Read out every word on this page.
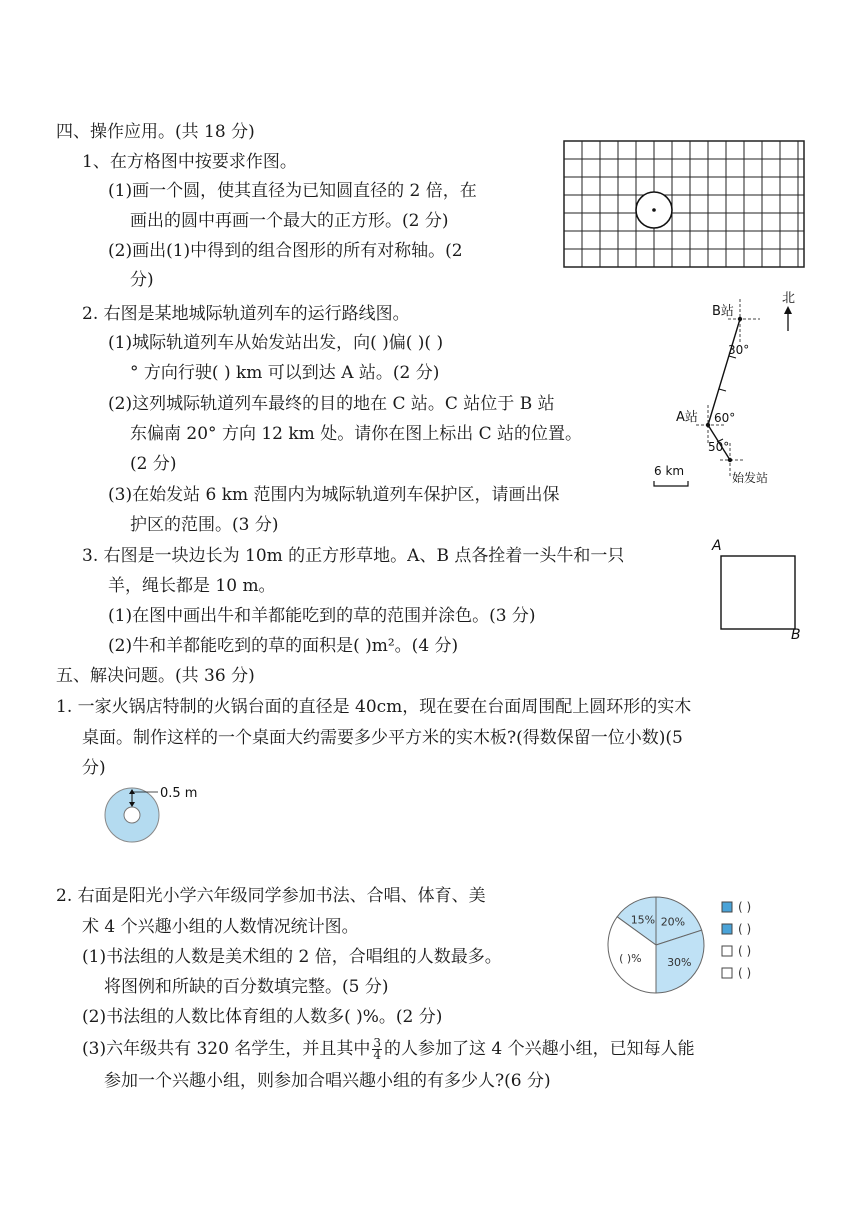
四、操作应用。(共 18 分)
1、在方格图中按要求作图。
(1)画一个圆，使其直径为已知圆直径的 2 倍，在
画出的圆中再画一个最大的正方形。(2 分)
(2)画出(1)中得到的组合图形的所有对称轴。(2
分)
2. 右图是某地城际轨道列车的运行路线图。
(1)城际轨道列车从始发站出发，向( )偏( )( )
° 方向行驶( ) km 可以到达 A 站。(2 分)
(2)这列城际轨道列车最终的目的地在 C 站。C 站位于 B 站
东偏南 20° 方向 12 km 处。请你在图上标出 C 站的位置。
(2 分)
(3)在始发站 6 km 范围内为城际轨道列车保护区，请画出保
护区的范围。(3 分)
北
B站
30°
A站 60°
50°
始发站
6 km
3. 右图是一块边长为 10m 的正方形草地。A、B 点各拴着一头牛和一只
羊，绳长都是 10 m。
(1)在图中画出牛和羊都能吃到的草的范围并涂色。(3 分)
(2)牛和羊都能吃到的草的面积是( )m²。(4 分)
A
B
五、解决问题。(共 36 分)
1. 一家火锅店特制的火锅台面的直径是 40cm，现在要在台面周围配上圆环形的实木
桌面。制作这样的一个桌面大约需要多少平方米的实木板?(得数保留一位小数)(5
分)
0.5 m
2. 右面是阳光小学六年级同学参加书法、合唱、体育、美
术 4 个兴趣小组的人数情况统计图。
(1)书法组的人数是美术组的 2 倍，合唱组的人数最多。
将图例和所缺的百分数填完整。(5 分)
(2)书法组的人数比体育组的人数多( )%。(2 分)
(3)六年级共有 320 名学生，并且其中 $\frac{3}{4}$ 的人参加了这 4 个兴趣小组，已知每人能
参加一个兴趣小组，则参加合唱兴趣小组的有多少人?(6 分)
15% 20%
30%
( )%
( )
( )
( )
( )
